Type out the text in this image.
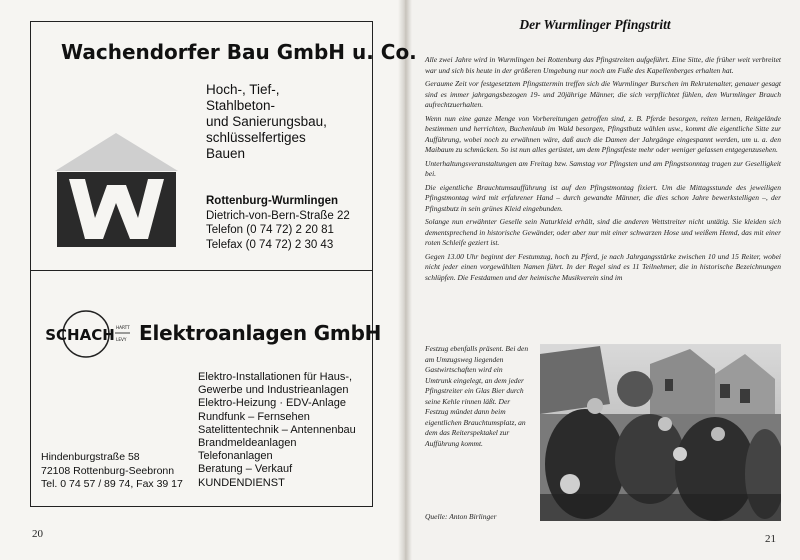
Wachendorfer Bau GmbH u. Co.
Hoch-, Tief-,
Stahlbeton-
und Sanierungsbau,
schlüsselfertiges
Bauen
Rottenburg-Wurmlingen
Dietrich-von-Bern-Straße 22
Telefon (0 74 72) 2 20 81
Telefax (0 74 72) 2 30 43
SCHACH HARTT
LEVY Elektroanlagen GmbH
Elektro-Installationen für Haus-,
Gewerbe und Industrieanlagen
Elektro-Heizung · EDV-Anlage
Rundfunk – Fernsehen
Satelittentechnik – Antennenbau
Brandmeldeanlagen
Telefonanlagen
Beratung – Verkauf
KUNDENDIENST
Hindenburgstraße 58
72108 Rottenburg-Seebronn
Tel. 0 74 57 / 89 74, Fax 39 17
20
Der Wurmlinger Pfingstritt

Alle zwei Jahre wird in Wurmlingen bei Rottenburg das Pfingstreiten aufgeführt. Eine Sitte, die früher weit verbreitet war und sich bis heute in der größeren Umgebung nur noch am Fuße des Kapellenberges erhalten hat.

Geraume Zeit vor festgesetztem Pfingsttermin treffen sich die Wurmlinger Burschen im Rekrutenalter, genauer gesagt sind es immer jahrgangsbezogen 19- und 20jährige Männer, die sich verpflichtet fühlen, den Wurmlinger Brauch aufrechtzuerhalten.

Wenn nun eine ganze Menge von Vorbereitungen getroffen sind, z. B. Pferde besorgen, reiten lernen, Reitgelände bestimmen und herrichten, Buchenlaub im Wald besorgen, Pfingstbutz wählen usw., kommt die eigentliche Sitte zur Aufführung, wobei noch zu erwähnen wäre, daß auch die Damen der Jahrgänge eingespannt werden, um u. a. den Maibaum zu schmücken. So ist nun alles gerüstet, um dem Pfingstfeste mehr oder weniger gelassen entgegenzusehen.

Unterhaltungsveranstaltungen am Freitag bzw. Samstag vor Pfingsten und am Pfingstsonntag tragen zur Geselligkeit bei.

Die eigentliche Brauchtumsaufführung ist auf den Pfingstmontag fixiert. Um die Mittagsstunde des jeweiligen Pfingstmontag wird mit erfahrener Hand – durch gewandte Männer, die dies schon Jahre bewerkstelligen –, der Pfingstbutz in sein grünes Kleid eingebunden.

Solange nun erwähnter Geselle sein Naturkleid erhält, sind die anderen Wettstreiter nicht untätig. Sie kleiden sich dementsprechend in historische Gewänder, oder aber nur mit einer schwarzen Hose und weißem Hemd, das mit einer roten Schleife geziert ist.

Gegen 13.00 Uhr beginnt der Festumzug, hoch zu Pferd, je nach Jahrgangsstärke zwischen 10 und 15 Reiter, wobei nicht jeder einen vorgewählten Namen führt. In der Regel sind es 11 Teilnehmer, die in historische Bezeichnungen schlüpfen. Die Festdamen und der heimische Musikverein sind im

Festzug ebenfalls präsent. Bei den am Umzugsweg liegenden Gastwirtschaften wird ein Umtrunk eingelegt, an dem jeder Pfingstreiter ein Glas Bier durch seine Kehle rinnen läßt. Der Festzug mündet dann beim eigentlichen Brauchtumsplatz, an dem das Reiterspektakel zur Aufführung kommt.

Quelle: Anton Birlinger
21
